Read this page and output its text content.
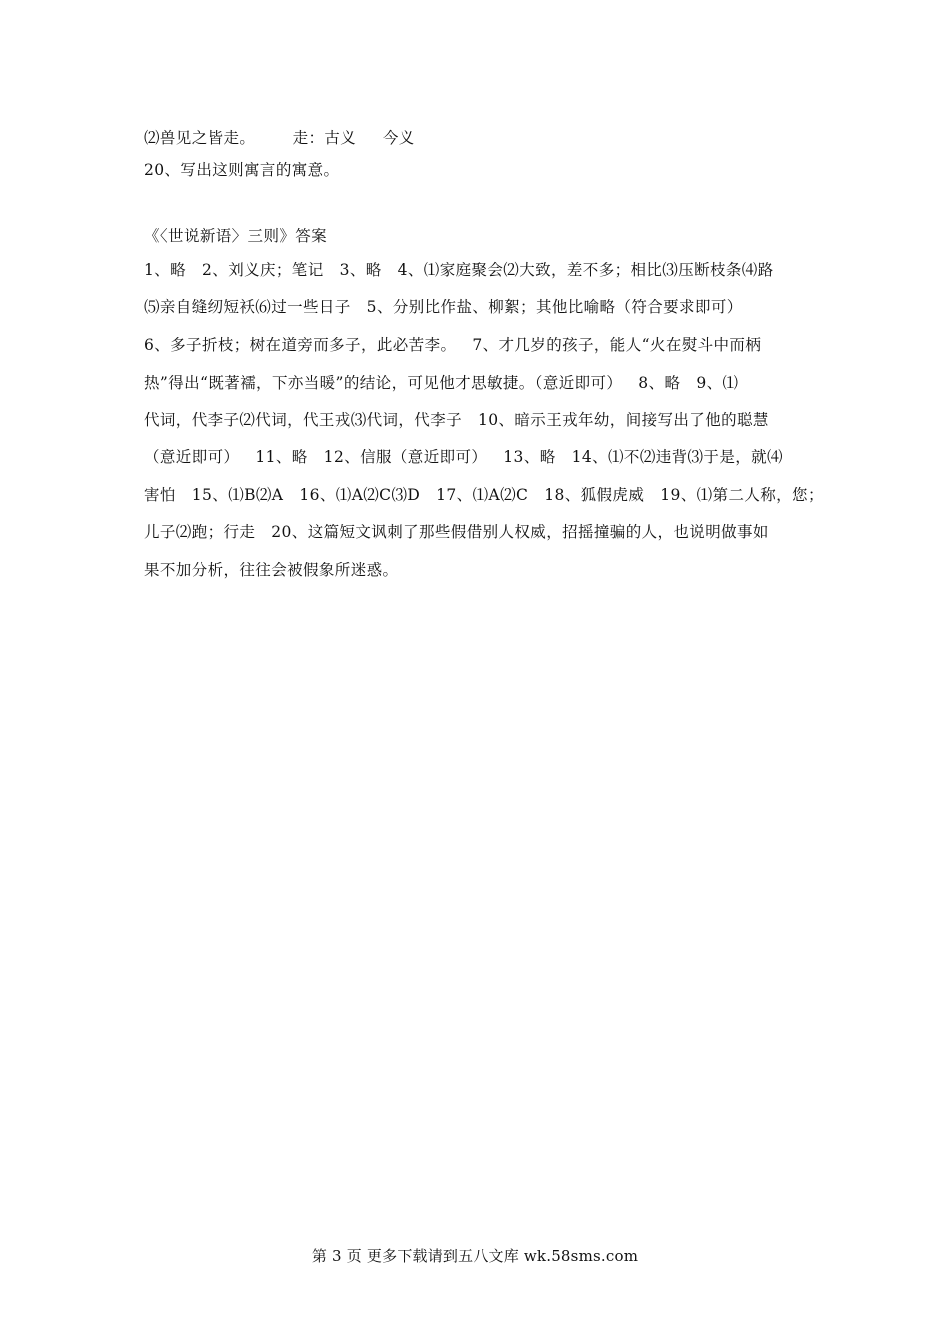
⑵兽见之皆走。       走：古义     今义
20、写出这则寓言的寓意。
《〈世说新语〉三则》答案
1、略   2、刘义庆；笔记   3、略   4、⑴家庭聚会⑵大致，差不多；相比⑶压断枝条⑷路
⑸亲自缝纫短袄⑹过一些日子   5、分别比作盐、柳絮；其他比喻略（符合要求即可）
6、多子折枝；树在道旁而多子，此必苦李。   7、才几岁的孩子，能人“火在熨斗中而柄
热”得出“既著襦，下亦当暖”的结论，可见他才思敏捷。（意近即可）   8、略   9、⑴
代词，代李子⑵代词，代王戎⑶代词，代李子   10、暗示王戎年幼，间接写出了他的聪慧
（意近即可）   11、略   12、信服（意近即可）   13、略   14、⑴不⑵违背⑶于是，就⑷
害怕   15、⑴B⑵A   16、⑴A⑵C⑶D   17、⑴A⑵C   18、狐假虎威   19、⑴第二人称，您；
儿子⑵跑；行走   20、这篇短文讽刺了那些假借别人权威，招摇撞骗的人，也说明做事如
果不加分析，往往会被假象所迷惑。
第 3 页 更多下载请到五八文库 wk.58sms.com
